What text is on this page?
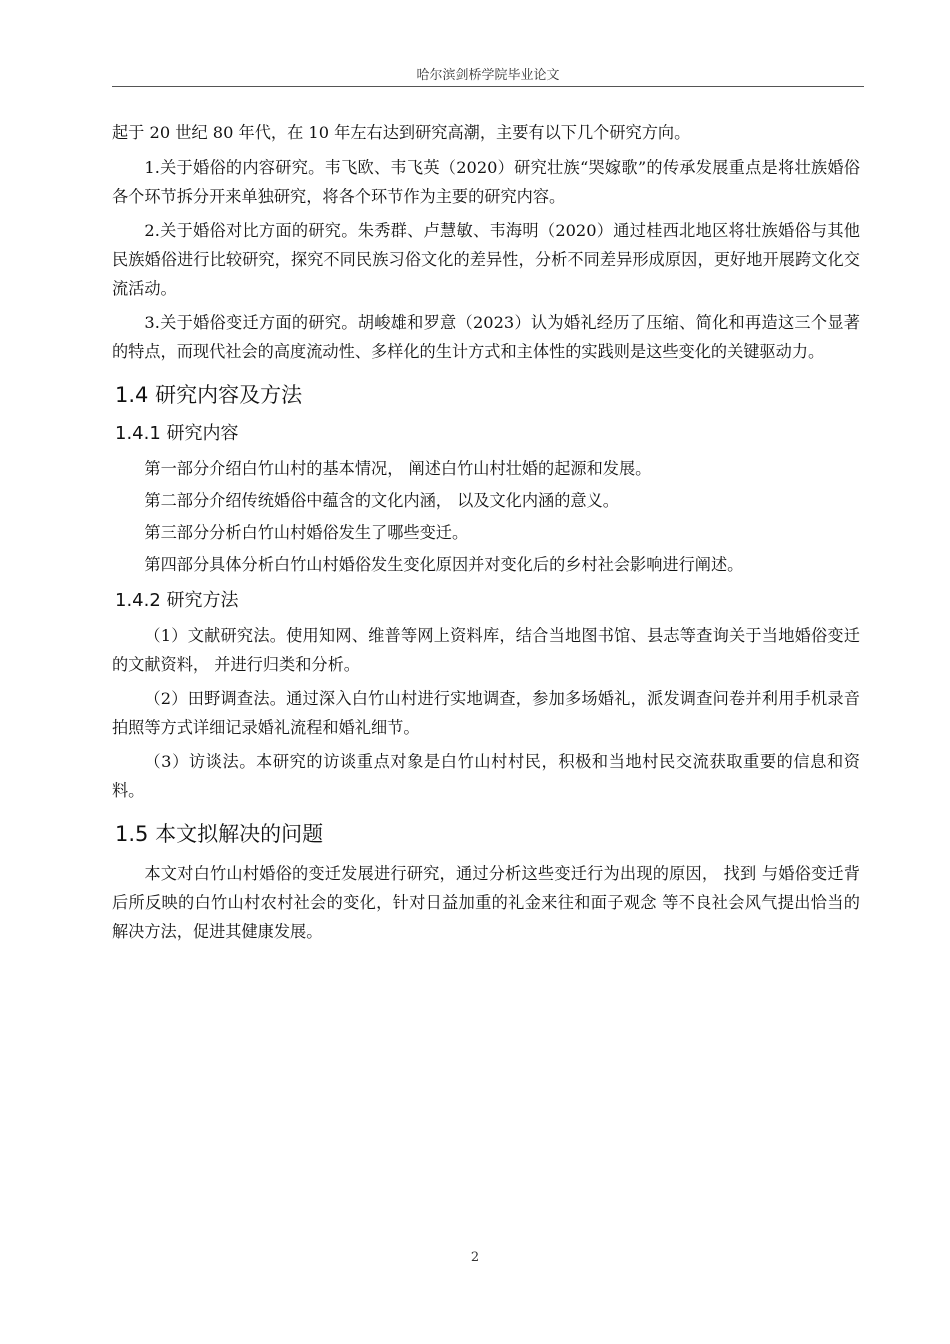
哈尔滨剑桥学院毕业论文

起于 20 世纪 80 年代，在 10 年左右达到研究高潮，主要有以下几个研究方向。

1.关于婚俗的内容研究。韦飞欧、韦飞英（2020）研究壮族“哭嫁歌”的传承发展重点是将壮族婚俗各个环节拆分开来单独研究，将各个环节作为主要的研究内容。

2.关于婚俗对比方面的研究。朱秀群、卢慧敏、韦海明（2020）通过桂西北地区将壮族婚俗与其他民族婚俗进行比较研究，探究不同民族习俗文化的差异性，分析不同差异形成原因，更好地开展跨文化交流活动。

3.关于婚俗变迁方面的研究。胡峻雄和罗意（2023）认为婚礼经历了压缩、简化和再造这三个显著的特点，而现代社会的高度流动性、多样化的生计方式和主体性的实践则是这些变化的关键驱动力。

1.4 研究内容及方法
1.4.1 研究内容

第一部分介绍白竹山村的基本情况， 阐述白竹山村壮婚的起源和发展。

第二部分介绍传统婚俗中蕴含的文化内涵， 以及文化内涵的意义。

第三部分分析白竹山村婚俗发生了哪些变迁。

第四部分具体分析白竹山村婚俗发生变化原因并对变化后的乡村社会影响进行阐述。

1.4.2 研究方法

（1）文献研究法。使用知网、维普等网上资料库，结合当地图书馆、县志等查询关于当地婚俗变迁的文献资料， 并进行归类和分析。

（2）田野调查法。通过深入白竹山村进行实地调查，参加多场婚礼，派发调查问卷并利用手机录音拍照等方式详细记录婚礼流程和婚礼细节。

（3）访谈法。本研究的访谈重点对象是白竹山村村民，积极和当地村民交流获取重要的信息和资料。

1.5 本文拟解决的问题

本文对白竹山村婚俗的变迁发展进行研究，通过分析这些变迁行为出现的原因， 找到 与婚俗变迁背后所反映的白竹山村农村社会的变化，针对日益加重的礼金来往和面子观念 等不良社会风气提出恰当的解决方法，促进其健康发展。

2
